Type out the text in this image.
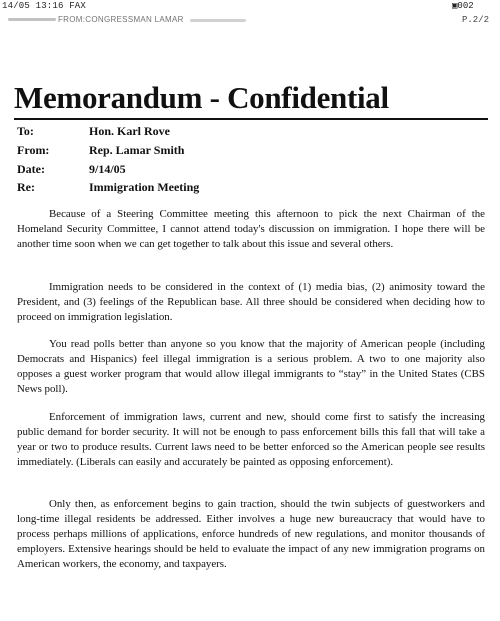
14/05 13:16 FAX	▣002
FROM:CONGRESSMAN LAMAR	P.2/2
Memorandum - Confidential
To:	Hon. Karl Rove
From:	Rep. Lamar Smith
Date:	9/14/05
Re:	Immigration Meeting

Because of a Steering Committee meeting this afternoon to pick the next Chairman of the Homeland Security Committee, I cannot attend today's discussion on immigration. I hope there will be another time soon when we can get together to talk about this issue and several others.

Immigration needs to be considered in the context of (1) media bias, (2) animosity toward the President, and (3) feelings of the Republican base. All three should be considered when deciding how to proceed on immigration legislation.

You read polls better than anyone so you know that the majority of American people (including Democrats and Hispanics) feel illegal immigration is a serious problem. A two to one majority also opposes a guest worker program that would allow illegal immigrants to “stay” in the United States (CBS News poll).

Enforcement of immigration laws, current and new, should come first to satisfy the increasing public demand for border security. It will not be enough to pass enforcement bills this fall that will take a year or two to produce results. Current laws need to be better enforced so the American people see results immediately. (Liberals can easily and accurately be painted as opposing enforcement).

Only then, as enforcement begins to gain traction, should the twin subjects of guestworkers and long-time illegal residents be addressed. Either involves a huge new bureaucracy that would have to process perhaps millions of applications, enforce hundreds of new regulations, and monitor thousands of employers. Extensive hearings should be held to evaluate the impact of any new immigration programs on American workers, the economy, and taxpayers.
